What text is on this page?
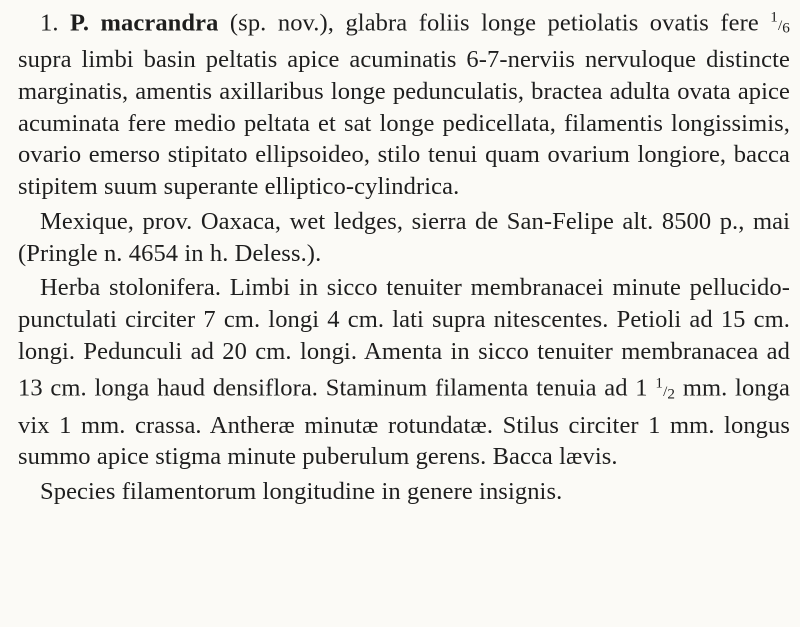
1. P. macrandra (sp. nov.), glabra foliis longe petiolatis ovatis fere 1/6 supra limbi basin peltatis apice acuminatis 6-7-nerviis nervuloque distincte marginatis, amentis axillaribus longe pedunculatis, bractea adulta ovata apice acuminata fere medio peltata et sat longe pedicellata, filamentis longissimis, ovario emerso stipitato ellipsoideo, stilo tenui quam ovarium longiore, bacca stipitem suum superante elliptico-cylindrica.

Mexique, prov. Oaxaca, wet ledges, sierra de San-Felipe alt. 8500 p., mai (Pringle n. 4654 in h. Deless.).

Herba stolonifera. Limbi in sicco tenuiter membranacei minute pellucido-punctulati circiter 7 cm. longi 4 cm. lati supra nitescentes. Petioli ad 15 cm. longi. Pedunculi ad 20 cm. longi. Amenta in sicco tenuiter membranacea ad 13 cm. longa haud densiflora. Staminum filamenta tenuia ad 1 1/2 mm. longa vix 1 mm. crassa. Antheræ minutæ rotundatæ. Stilus circiter 1 mm. longus summo apice stigma minute puberulum gerens. Bacca lævis.

Species filamentorum longitudine in genere insignis.
